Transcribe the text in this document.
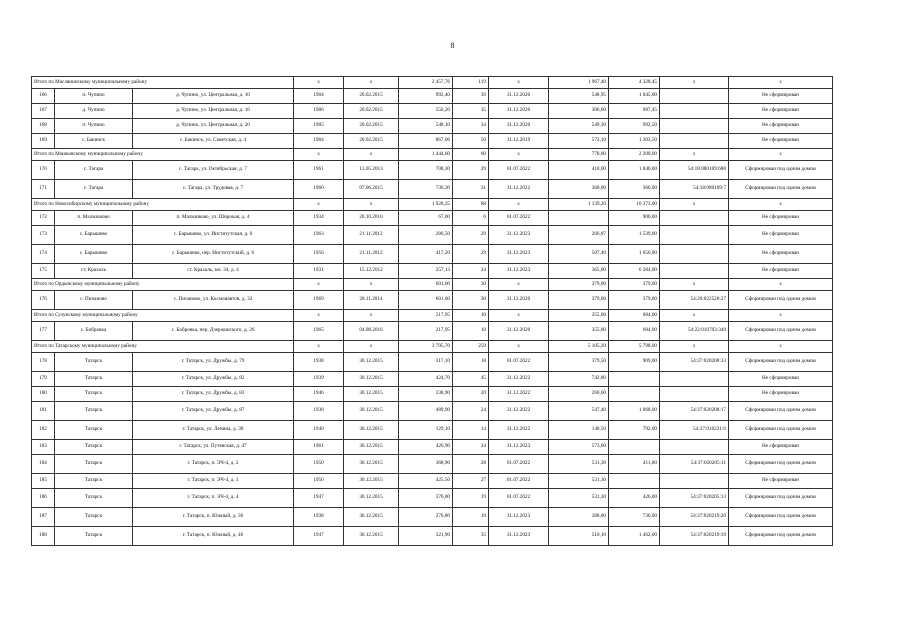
8
Итого по Маслянинскому муниципальному району			x	x	2 457,76	119	x	1 967,40	4 328,45	x	x
166	п. Чупино	д. Чупино, ул. Центральная, д. 10	1984	20.02.2015	992,40	39	31.12.2020	548,95	1 045,00		Не сформирован
167	д. Чупино	д. Чупино, ул. Центральная, д. 16	1986	20.02.2015	550,20	35	31.12.2020	306,60	987,45		Не сформирован
168	п. Чупино	д. Чупино, ул. Центральная, д. 20	1985	20.02.2015	548,10	34	31.12.2020	549,30	992,50		Не сформирован
169	с. Бакинск	с. Бакинск, ул. Советская, д. 4	1984	20.02.2015	867,06	50	31.12.2019	572,10	1 303,50		Не сформирован
Итого по Мошковскому муниципальному району			x	x	1 444,60	60	x	778,00	2 200,00	x	x
170	с. Тагара	с. Тагара, ул. Октябрьская, д. 7	1961	13.05.2013	708,30	29	01.07.2022	418,00	1 840,00	54:18:080109:688	Сформирован под одним домом
171	с. Тагара	с. Тагара, ул. Трудовая, д. 7	1960	07.06.2015	736,30	31	31.12.2022	360,00	360,00	54:18:080109:7	Сформирован под одним домом
Итого по Новосибирскому муниципальному району			x	x	1 928,25	88	x	1 139,20	10 373,00	x	x
172	п. Мальчиково	п. Мальчиково, ул. Широкая, д. 4	1934	26.10.2010	67,00	6	01.07.2022		900,00		Не сформирован
173	с. Барышево	с. Барышево, ул. Институтская, д. 6	1963	21.11.2012	286,50	29	31.12.2023	266,87	1 539,00		Не сформирован
174	с. Барышево	с. Барышево, пер. Институтский, д. 6	1956	21.11.2012	417,20	29	31.12.2023	507,40	1 650,00		Не сформирован
175	ст. Крахаль	ст. Крахаль, км. 34, д. 4	1931	15.12.2012	257,13	24	31.12.2023	365,00	6 284,00		Не сформирован
Итого по Ордынскому муниципальному району			x	x	601,60	30	x	379,00	379,00	x	x
176	с. Пичаново	с. Пичаново, ул. Космонавтов, д. 32	1969	28.11.2014	601,60	30	31.12.2020	379,00	379,00	54:20:022520:27	Сформирован под одним домом
Итого по Сузунскому муниципальному району			x	x	217,95	10	x	355,00	684,00	x	x
177	с. Бобровка	с. Бобровка, пер. Дзержинского, д. 26	1965	04.08.2016	217,95	10	31.12.2020	355,00	684,00	54:22:010703:340	Сформирован под одним домом
Итого по Татарскому муниципальному району			x	x	3 795,70	259	x	5 105,20	5 798,00	x	x
178	Татарск	г. Татарск, ул. Дружбы, д. 79	1938	30.12.2015	317,10	18	01.07.2022	379,50	909,00	54:37:020208:33	Сформирован под одним домом
179	Татарск	г. Татарск, ул. Дружбы, д. 82	1939	30.12.2015	424,70	45	31.12.2022	742,80			Не сформирован
180	Татарск	г. Татарск, ул. Дружбы, д. 83	1946	30.12.2015	238,90	20	31.12.2022	260,60			Не сформирован
181	Татарск	г. Татарск, ул. Дружбы, д. 87	1938	30.12.2015	489,90	24	31.12.2022	547,40	1 068,00	54:37:020208:17	Сформирован под одним домом
182	Татарск	г. Татарск, ул. Ленина, д. 38	1940	30.12.2015	129,10	14	31.12.2022	148,50	792,00	54:37:010221:6	Сформирован под одним домом
183	Татарск	г. Татарск, ул. Путевская, д. 47	1961	30.12.2015	426,90	24	31.12.2023	573,60			Не сформирован
184	Татарск	г. Татарск, п. ЭЧ-4, д. 2	1950	30.12.2015	368,90	28	01.07.2022	531,30	411,00	54:37:020205:11	Сформирован под одним домом
185	Татарск	г. Татарск, п. ЭЧ-4, д. 3	1950	30.12.2015	425,50	27	01.07.2022	531,30			Не сформирован
186	Татарск	г. Татарск, п. ЭЧ-4, д. 4	1947	30.12.2015	376,00	19	01.07.2022	531,30	426,00	54:37:020205:13	Сформирован под одним домом
187	Татарск	г. Татарск, п. Южный, д. 36	1938	30.12.2015	276,80	19	31.12.2023	388,80	730,00	54:37:020219:20	Сформирован под одним домом
188	Татарск	г. Татарск, п. Южный, д. 46	1947	30.12.2015	321,90	35	31.12.2023	510,10	1 462,00	54:37:020219:19	Сформирован под одним домом
